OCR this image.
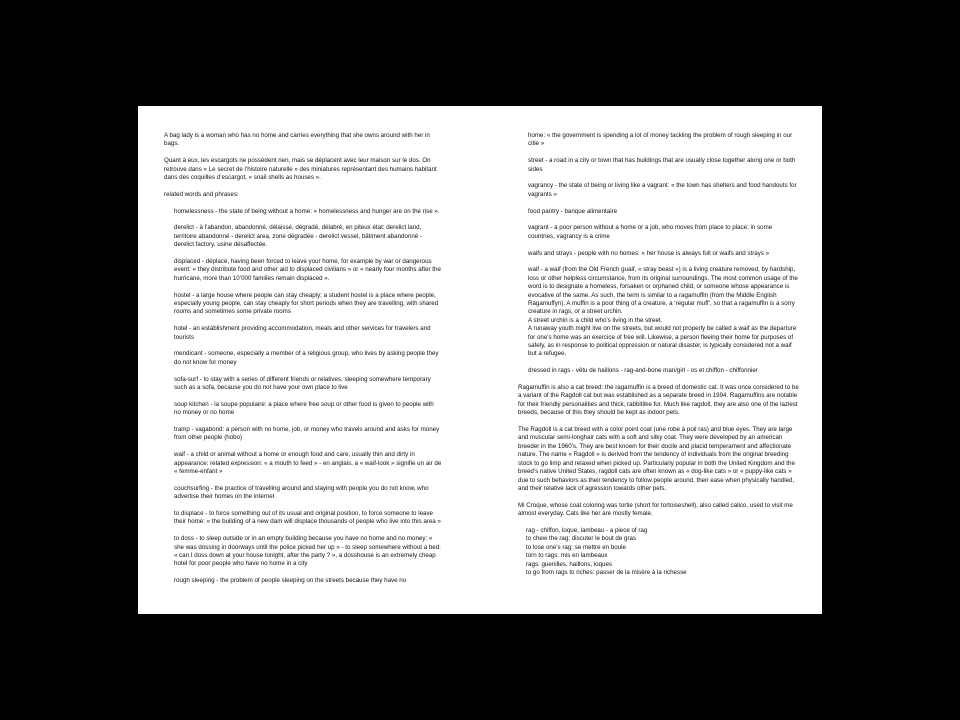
A bag lady is a woman who has no home and carries everything that she owns around with her in bags.

Quant à eux, les escargots ne possèdent rien, mais se déplacent avec leur maison sur le dos. On retrouve dans « Le secret de l’histoire naturelle » des miniatures représentant des humains habitant dans des coquilles d’escargot, « snail shells as houses ».

related words and phrases:

homelessness - the state of being without a home: « homelessness and hunger are on the rise ».

derelict - à l’abandon, abandonné, délaissé, dégradé, délabré, en piteux état: derelict land, territoire abandonné - derelict area, zone dégradée - derelict vessel, bâtiment abandonné - derelict factory, usine désaffectée.

displaced - déplacé, having been forced to leave your home, for example by war or dangerous event: « they distribute food and other aid to displaced civilians » or « nearly four months after the hurricane, more than 10’000 families remain displaced ».

hostel - a large house where people can stay cheaply; a student hostel is a place where people, especially young people, can stay cheaply for short periods when they are travelling, with shared rooms and sometimes some private rooms

hotel - an establishment providing accommodation, meals and other services for travelers and tourists

mendicant - someone, especially a member of a religious group, who lives by asking people they do not know for money

sofa-surf - to stay with a series of different friends or relatives, sleeping somewhere temporary such as a sofa, because you do not have your own place to live

soup kitchen - la soupe populaire: a place where free soup or other food is given to people with no money or no home

tramp - vagabond: a person with no home, job, or money who travels around and asks for money from other people (hobo)

waif - a child or animal without a home or enough food and care, usually thin and dirty in appearance; related expression: « a mouth to feed » - en anglais, a « waif-look » signifie un air de « femme-enfant »

couchsurfing - the practice of travelling around and staying with people you do not know, who advertise their homes on the internet

to displace - to force something out of its usual and original position, to force someone to leave their home: « the building of a new dam will displace thousands of people who live into this area »

to doss - to sleep outside or in an empty building because you have no home and no money: « she was dossing in doorways until the police picked her up » - to sleep somewhere without a bed: « can I doss down at your house tonight, after the party ? », a dosshouse is an extremely cheap hotel for poor people who have no home in a city

rough sleeping - the problem of people sleeping on the streets because they have no

home: « the government is spending a lot of money tackling the problem of rough sleeping in our citie »

street - a road in a city or town that has buildings that are usually close together along one or both sides

vagrancy - the state of being or living like a vagrant: « the town has shelters and food handouts for vagrants »

food pantry - banque alimentaire

vagrant - a poor person without a home or a job, who moves from place to place; in some countries, vagrancy is a crime

waifs and strays - people with no homes: « her house is always full or waifs and strays »

waif - a waif (from the Old French guaif, « stray beast ») is a living creature removed, by hardship, loss or other helpless circumstance, from its original surroundings. The most common usage of the word is to designate a homeless, forsaken or orphaned child, or someone whose appearance is evocative of the same. As such, the term is similar to a ragamuffin (from the Middle English Ragamuffyn). A muffin is a poor thing of a creature, a ‘regular muff’, so that a ragamuffin is a sorry creature in rags, or a street urchin.

A street urchin is a child who’s living in the street.

A runaway youth might live on the streets, but would not properly be called a waif as the departure for one’s home was an exercice of free will. Likewise, a person fleeing their home for purposes of safety, as in response to political oppression or natural disaster, is typically considered not a waif but a refugee.

dressed in rags - vêtu de haillons - rag-and-bone man/girl - os et chiffon - chiffonnier

Ragamuffin is also a cat breed: the ragamuffin is a breed of domestic cat. It was once considered to be a variant of the Ragdoll cat but was established as a separate breed in 1994. Ragamuffins are notable for their friendly personalities and thick, rabbitlike fur. Much like ragdoll, they are also one of the laziest breeds, because of this they should be kept as indoor pets.

The Ragdoll is a cat breed with a color point coat (une robe à poil ras) and blue eyes. They are large and muscular semi-longhair cats with a soft and silky coat. They were developed by an american breeder in the 1960’s. They are best known for their docile and placid temperament and affectionate nature. The name « Ragdoll » is derived from the tendency of individuals from the original breeding stock to go limp and relaxed when picked up. Particularly popular in both the United Kingdom and the breed’s native United States, ragdoll cats are often known as « dog-like cats » or « puppy-like cats » due to such behaviors as their tendency to follow people around, their ease when physically handled, and their relative lack of agression towards other pets.

Mi Croque, whose coat coloring was tortie (short for tortoiseshell), also called calico, used to visit me almost everyday. Cats like her are mostly female.

rag - chiffon, loque, lambeau - a piece of rag

to chew the rag: discuter le bout de gras

to lose one’s rag: se mettre en boule

torn to rags: mis en lambeaux

rags: guenilles, haillons, loques

to go from rags to riches: passer de la misère à la richesse
